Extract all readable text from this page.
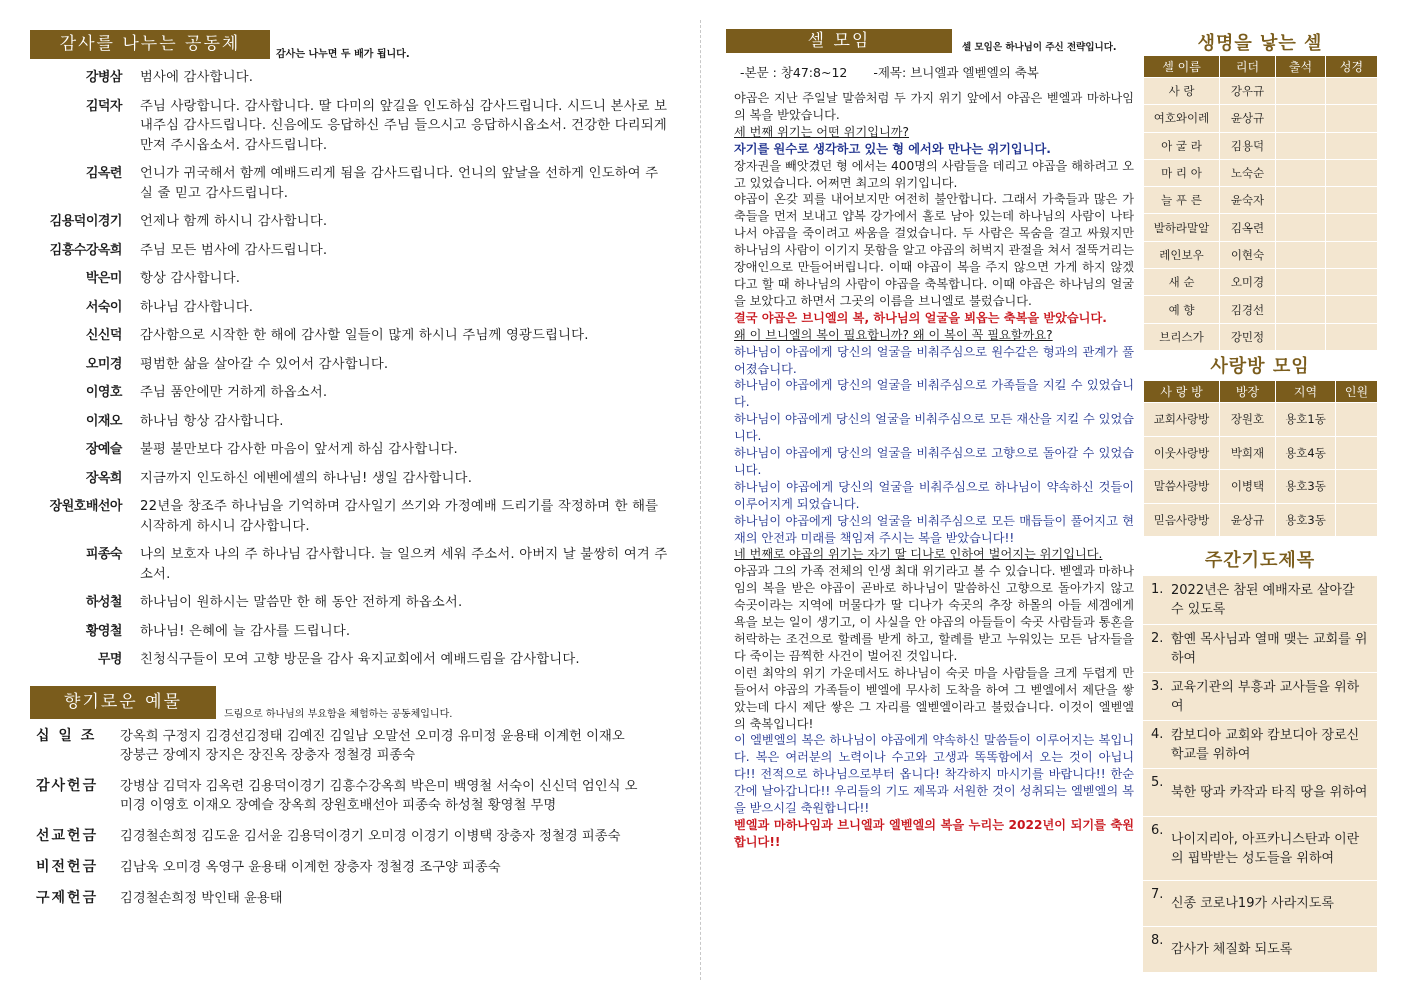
감사를 나누는 공동체
감사는 나누면 두 배가 됩니다.
강병삼 범사에 감사합니다.
김덕자 주님 사랑합니다. 감사합니다. 딸 다미의 앞길을 인도하심 감사드립니다. 시드니 본사로 보내주심 감사드립니다. 신음에도 응답하신 주님 들으시고 응답하시옵소서. 건강한 다리되게 만져 주시옵소서. 감사드립니다.
김옥련 언니가 귀국해서 함께 예배드리게 됨을 감사드립니다. 언니의 앞날을 선하게 인도하여 주실 줄 믿고 감사드립니다.
김용덕이경기 언제나 함께 하시니 감사합니다.
김흥수강옥희 주님 모든 범사에 감사드립니다.
박은미 항상 감사합니다.
서숙이 하나님 감사합니다.
신신덕 감사함으로 시작한 한 해에 감사할 일들이 많게 하시니 주님께 영광드립니다.
오미경 평범한 삶을 살아갈 수 있어서 감사합니다.
이영호 주님 품안에만 거하게 하옵소서.
이재오 하나님 항상 감사합니다.
장예슬 불평 불만보다 감사한 마음이 앞서게 하심 감사합니다.
장옥희 지금까지 인도하신 에벤에셀의 하나님! 생일 감사합니다.
장원호배선아 22년을 창조주 하나님을 기억하며 감사일기 쓰기와 가정예배 드리기를 작정하며 한 해를 시작하게 하시니 감사합니다.
피종숙 나의 보호자 나의 주 하나님 감사합니다. 늘 일으켜 세워 주소서. 아버지 날 불쌍히 여겨 주소서.
하성철 하나님이 원하시는 말씀만 한 해 동안 전하게 하옵소서.
황영철 하나님! 은혜에 늘 감사를 드립니다.
무명 친청식구들이 모여 고향 방문을 감사 육지교회에서 예배드림을 감사합니다.
향기로운 예물
드림으로 하나님의 부요함을 체험하는 공동체입니다.
십 일 조	강옥희 구정지 김경선김정태 김예진 김일남 오말선 오미경 유미정 윤용태 이계헌 이재오 장붕근 장예지 장지은 장진옥 장충자 정철경 피종숙
감사헌금	강병삼 김덕자 김옥련 김용덕이경기 김흥수강옥희 박은미 백영철 서숙이 신신덕 엄인식 오미경 이영호 이재오 장예슬 장옥희 장원호배선아 피종숙 하성철 황영철 무명
선교헌금	김경철손희정 김도윤 김서윤 김용덕이경기 오미경 이경기 이병택 장충자 정철경 피종숙
비전헌금	김남욱 오미경 옥영구 윤용태 이계헌 장충자 정철경 조구양 피종숙
구제헌금	김경철손희정 박인태 윤용태
셀 모임	셀 모임은 하나님이 주신 전략입니다.
-본문 : 창47:8~12 -제목: 브니엘과 엘벧엘의 축복
야곱은 지난 주일날 말씀처럼 두 가지 위기 앞에서 야곱은 벧엘과 마하나임의 복을 받았습니다.
세 번째 위기는 어떤 위기입니까?
자기를 원수로 생각하고 있는 형 에서와 만나는 위기입니다.
장자권을 빼앗겼던 형 에서는 400명의 사람들을 데리고 야곱을 해하려고 오고 있었습니다. 어쩌면 최고의 위기입니다.
야곱이 온갖 꾀를 내어보지만 여전히 불안합니다. 그래서 가축들과 많은 가축들을 먼저 보내고 얍복 강가에서 홀로 남아 있는데 하나님의 사람이 나타나서 야곱을 죽이려고 싸움을 걸었습니다. 두 사람은 목숨을 걸고 싸웠지만 하나님의 사람이 이기지 못함을 알고 야곱의 허벅지 관절을 쳐서 절뚝거리는 장애인으로 만들어버립니다. 이때 야곱이 복을 주지 않으면 가게 하지 않겠다고 할 때 하나님의 사람이 야곱을 축복합니다. 이때 야곱은 하나님의 얼굴을 보았다고 하면서 그곳의 이름을 브니엘로 불렀습니다.
결국 야곱은 브니엘의 복, 하나님의 얼굴을 뵈옵는 축복을 받았습니다.
왜 이 브니엘의 복이 필요합니까? 왜 이 복이 꼭 필요할까요?
하나님이 야곱에게 당신의 얼굴을 비춰주심으로 원수같은 형과의 관계가 풀어졌습니다.
하나님이 야곱에게 당신의 얼굴을 비춰주심으로 가족들을 지킬 수 있었습니다.
하나님이 야곱에게 당신의 얼굴을 비춰주심으로 모든 재산을 지킬 수 있었습니다.
하나님이 야곱에게 당신의 얼굴을 비춰주심으로 고향으로 돌아갈 수 있었습니다.
하나님이 야곱에게 당신의 얼굴을 비춰주심으로 하나님이 약속하신 것들이 이루어지게 되었습니다.
하나님이 야곱에게 당신의 얼굴을 비춰주심으로 모든 매듭들이 풀어지고 현재의 안전과 미래를 책임져 주시는 복을 받았습니다!!
네 번째로 야곱의 위기는 자기 딸 디나로 인하여 벌어지는 위기입니다.
야곱과 그의 가족 전체의 인생 최대 위기라고 볼 수 있습니다. 벧엘과 마하나임의 복을 받은 야곱이 곧바로 하나님이 말씀하신 고향으로 돌아가지 않고 숙곳이라는 지역에 머물다가 딸 디나가 숙곳의 추장 하몰의 아들 세겜에게 욕을 보는 일이 생기고, 이 사실을 안 야곱의 아들들이 숙곳 사람들과 통혼을 허락하는 조건으로 할례를 받게 하고, 할례를 받고 누워있는 모든 남자들을 다 죽이는 끔찍한 사건이 벌어진 것입니다.
이런 최악의 위기 가운데서도 하나님이 숙곳 마을 사람들을 크게 두렵게 만들어서 야곱의 가족들이 벧엘에 무사히 도착을 하여 그 벧엘에서 제단을 쌓았는데 다시 제단 쌓은 그 자리를 엘벧엘이라고 불렀습니다. 이것이 엘벧엘의 축복입니다!
이 엘벧엘의 복은 하나님이 야곱에게 약속하신 말씀들이 이루어지는 복입니다. 복은 여러분의 노력이나 수고와 고생과 똑똑함에서 오는 것이 아닙니다!! 전적으로 하나님으로부터 옵니다! 착각하지 마시기를 바랍니다!! 한순간에 날아갑니다!! 우리들의 기도 제목과 서원한 것이 성취되는 엘벧엘의 복을 받으시길 축원합니다!!
벧엘과 마하나임과 브니엘과 엘벧엘의 복을 누리는 2022년이 되기를 축원합니다!!
생명을 낳는 셀
셀 이름	리더	출석	성경
사 랑	강우규		
여호와이레	윤상규		
아 굴 라	김용덕		
마 리 아	노숙순		
늘 푸 른	윤숙자		
발하라말알	김옥련		
레인보우	이현숙		
새 순	오미경		
예 향	김경선		
브리스가	강민정		
사랑방 모임
사 랑 방	방장	지역	인원
교회사랑방	장원호	용호1동	
이웃사랑방	박희재	용호4동	
말씀사랑방	이병택	용호3동	
믿음사랑방	윤상규	용호3동	
주간기도제목
1. 2022년은 참된 예배자로 살아갈 수 있도록
2. 함옌 목사님과 열매 맺는 교회를 위하여
3. 교육기관의 부흥과 교사들을 위하여
4. 캄보디아 교회와 캄보디아 장로신학교를 위하여
5.
북한 땅과 카작과 타직 땅을 위하여
6.
나이지리아, 아프카니스탄과 이란의 핍박받는 성도들을 위하여
7.
신종 코로나19가 사라지도록
8.
감사가 체질화 되도록
